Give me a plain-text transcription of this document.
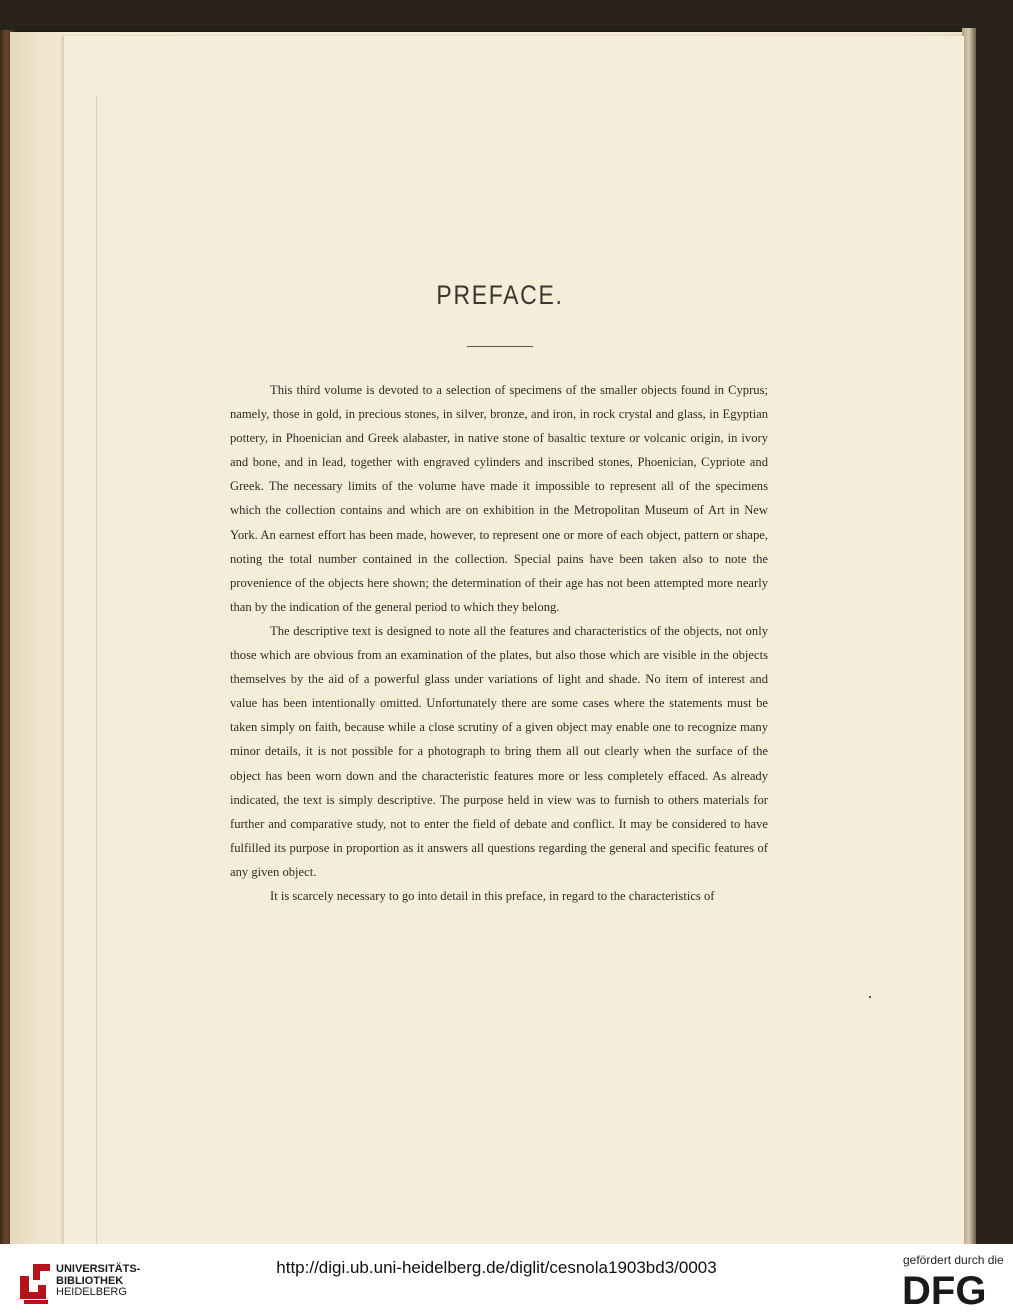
PREFACE.

This third volume is devoted to a selection of specimens of the smaller objects found in Cyprus; namely, those in gold, in precious stones, in silver, bronze, and iron, in rock crystal and glass, in Egyptian pottery, in Phoenician and Greek alabaster, in native stone of basaltic texture or volcanic origin, in ivory and bone, and in lead, together with engraved cylinders and inscribed stones, Phoenician, Cypriote and Greek. The necessary limits of the volume have made it impossible to represent all of the specimens which the collection contains and which are on exhibition in the Metropolitan Museum of Art in New York. An earnest effort has been made, however, to represent one or more of each object, pattern or shape, noting the total number contained in the collection. Special pains have been taken also to note the provenience of the objects here shown; the determination of their age has not been attempted more nearly than by the indication of the general period to which they belong.

The descriptive text is designed to note all the features and characteristics of the objects, not only those which are obvious from an examination of the plates, but also those which are visible in the objects themselves by the aid of a powerful glass under variations of light and shade. No item of interest and value has been intentionally omitted. Unfortunately there are some cases where the statements must be taken simply on faith, because while a close scrutiny of a given object may enable one to recognize many minor details, it is not possible for a photograph to bring them all out clearly when the surface of the object has been worn down and the characteristic features more or less completely effaced. As already indicated, the text is simply descriptive. The purpose held in view was to furnish to others materials for further and comparative study, not to enter the field of debate and conflict. It may be considered to have fulfilled its purpose in proportion as it answers all questions regarding the general and specific features of any given object.

It is scarcely necessary to go into detail in this preface, in regard to the characteristics of

UNIVERSITÄTS-
BIBLIOTHEK
HEIDELBERG
http://digi.ub.uni-heidelberg.de/diglit/cesnola1903bd3/0003	gefördert durch die
DFG
